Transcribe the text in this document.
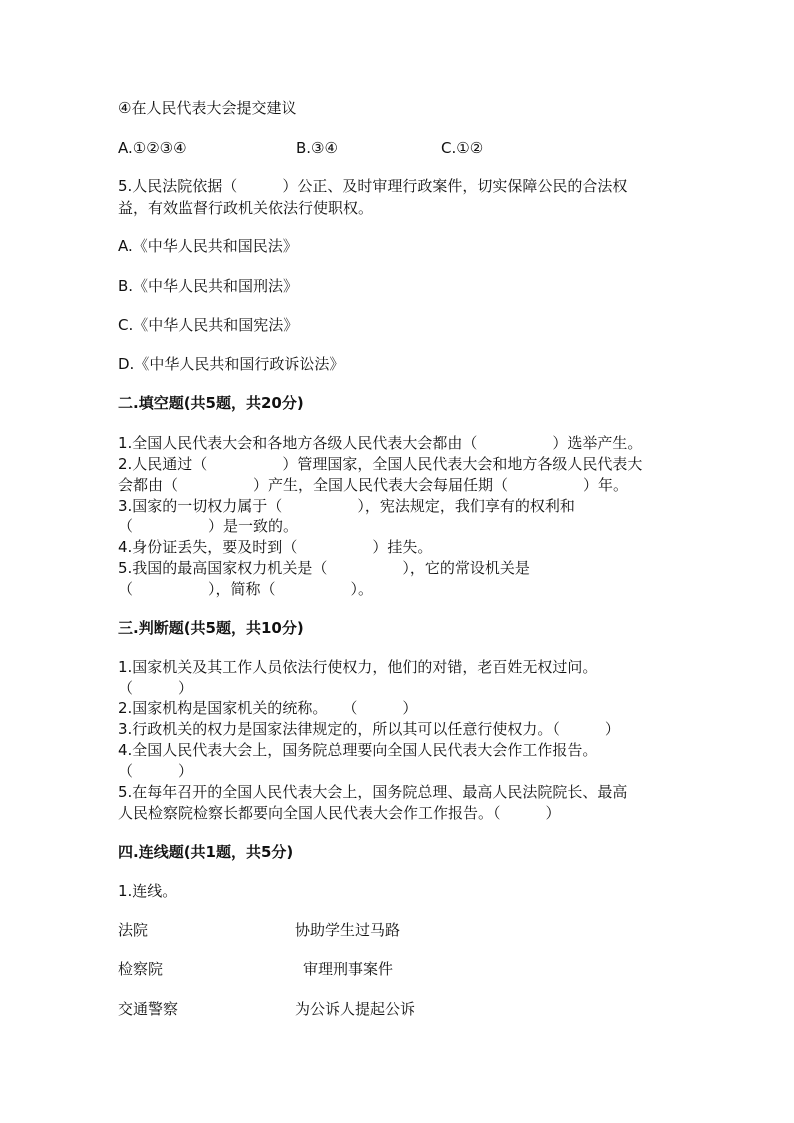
④在人民代表大会提交建议
A.①②③④	B.③④	C.①②
5.人民法院依据（　　　）公正、及时审理行政案件，切实保障公民的合法权
益，有效监督行政机关依法行使职权。
A.《中华人民共和国民法》
B.《中华人民共和国刑法》
C.《中华人民共和国宪法》
D.《中华人民共和国行政诉讼法》
二.填空题(共5题，共20分)
1.全国人民代表大会和各地方各级人民代表大会都由（　　　　　）选举产生。
2.人民通过（　　　　　）管理国家，全国人民代表大会和地方各级人民代表大
会都由（　　　　　）产生，全国人民代表大会每届任期（　　　　　）年。
3.国家的一切权力属于（　　　　　），宪法规定，我们享有的权利和
（　　　　　）是一致的。
4.身份证丢失，要及时到（　　　　　）挂失。
5.我国的最高国家权力机关是（　　　　　），它的常设机关是
（　　　　　），简称（　　　　　）。
三.判断题(共5题，共10分)
1.国家机关及其工作人员依法行使权力，他们的对错，老百姓无权过问。
（　　　）
2.国家机构是国家机关的统称。　　（　　　）
3.行政机关的权力是国家法律规定的，所以其可以任意行使权力。（　　　）
4.全国人民代表大会上，国务院总理要向全国人民代表大会作工作报告。
（　　　）
5.在每年召开的全国人民代表大会上，国务院总理、最高人民法院院长、最高
人民检察院检察长都要向全国人民代表大会作工作报告。（　　　）
四.连线题(共1题，共5分)
1.连线。
法院	协助学生过马路
检察院	审理刑事案件
交通警察	为公诉人提起公诉
